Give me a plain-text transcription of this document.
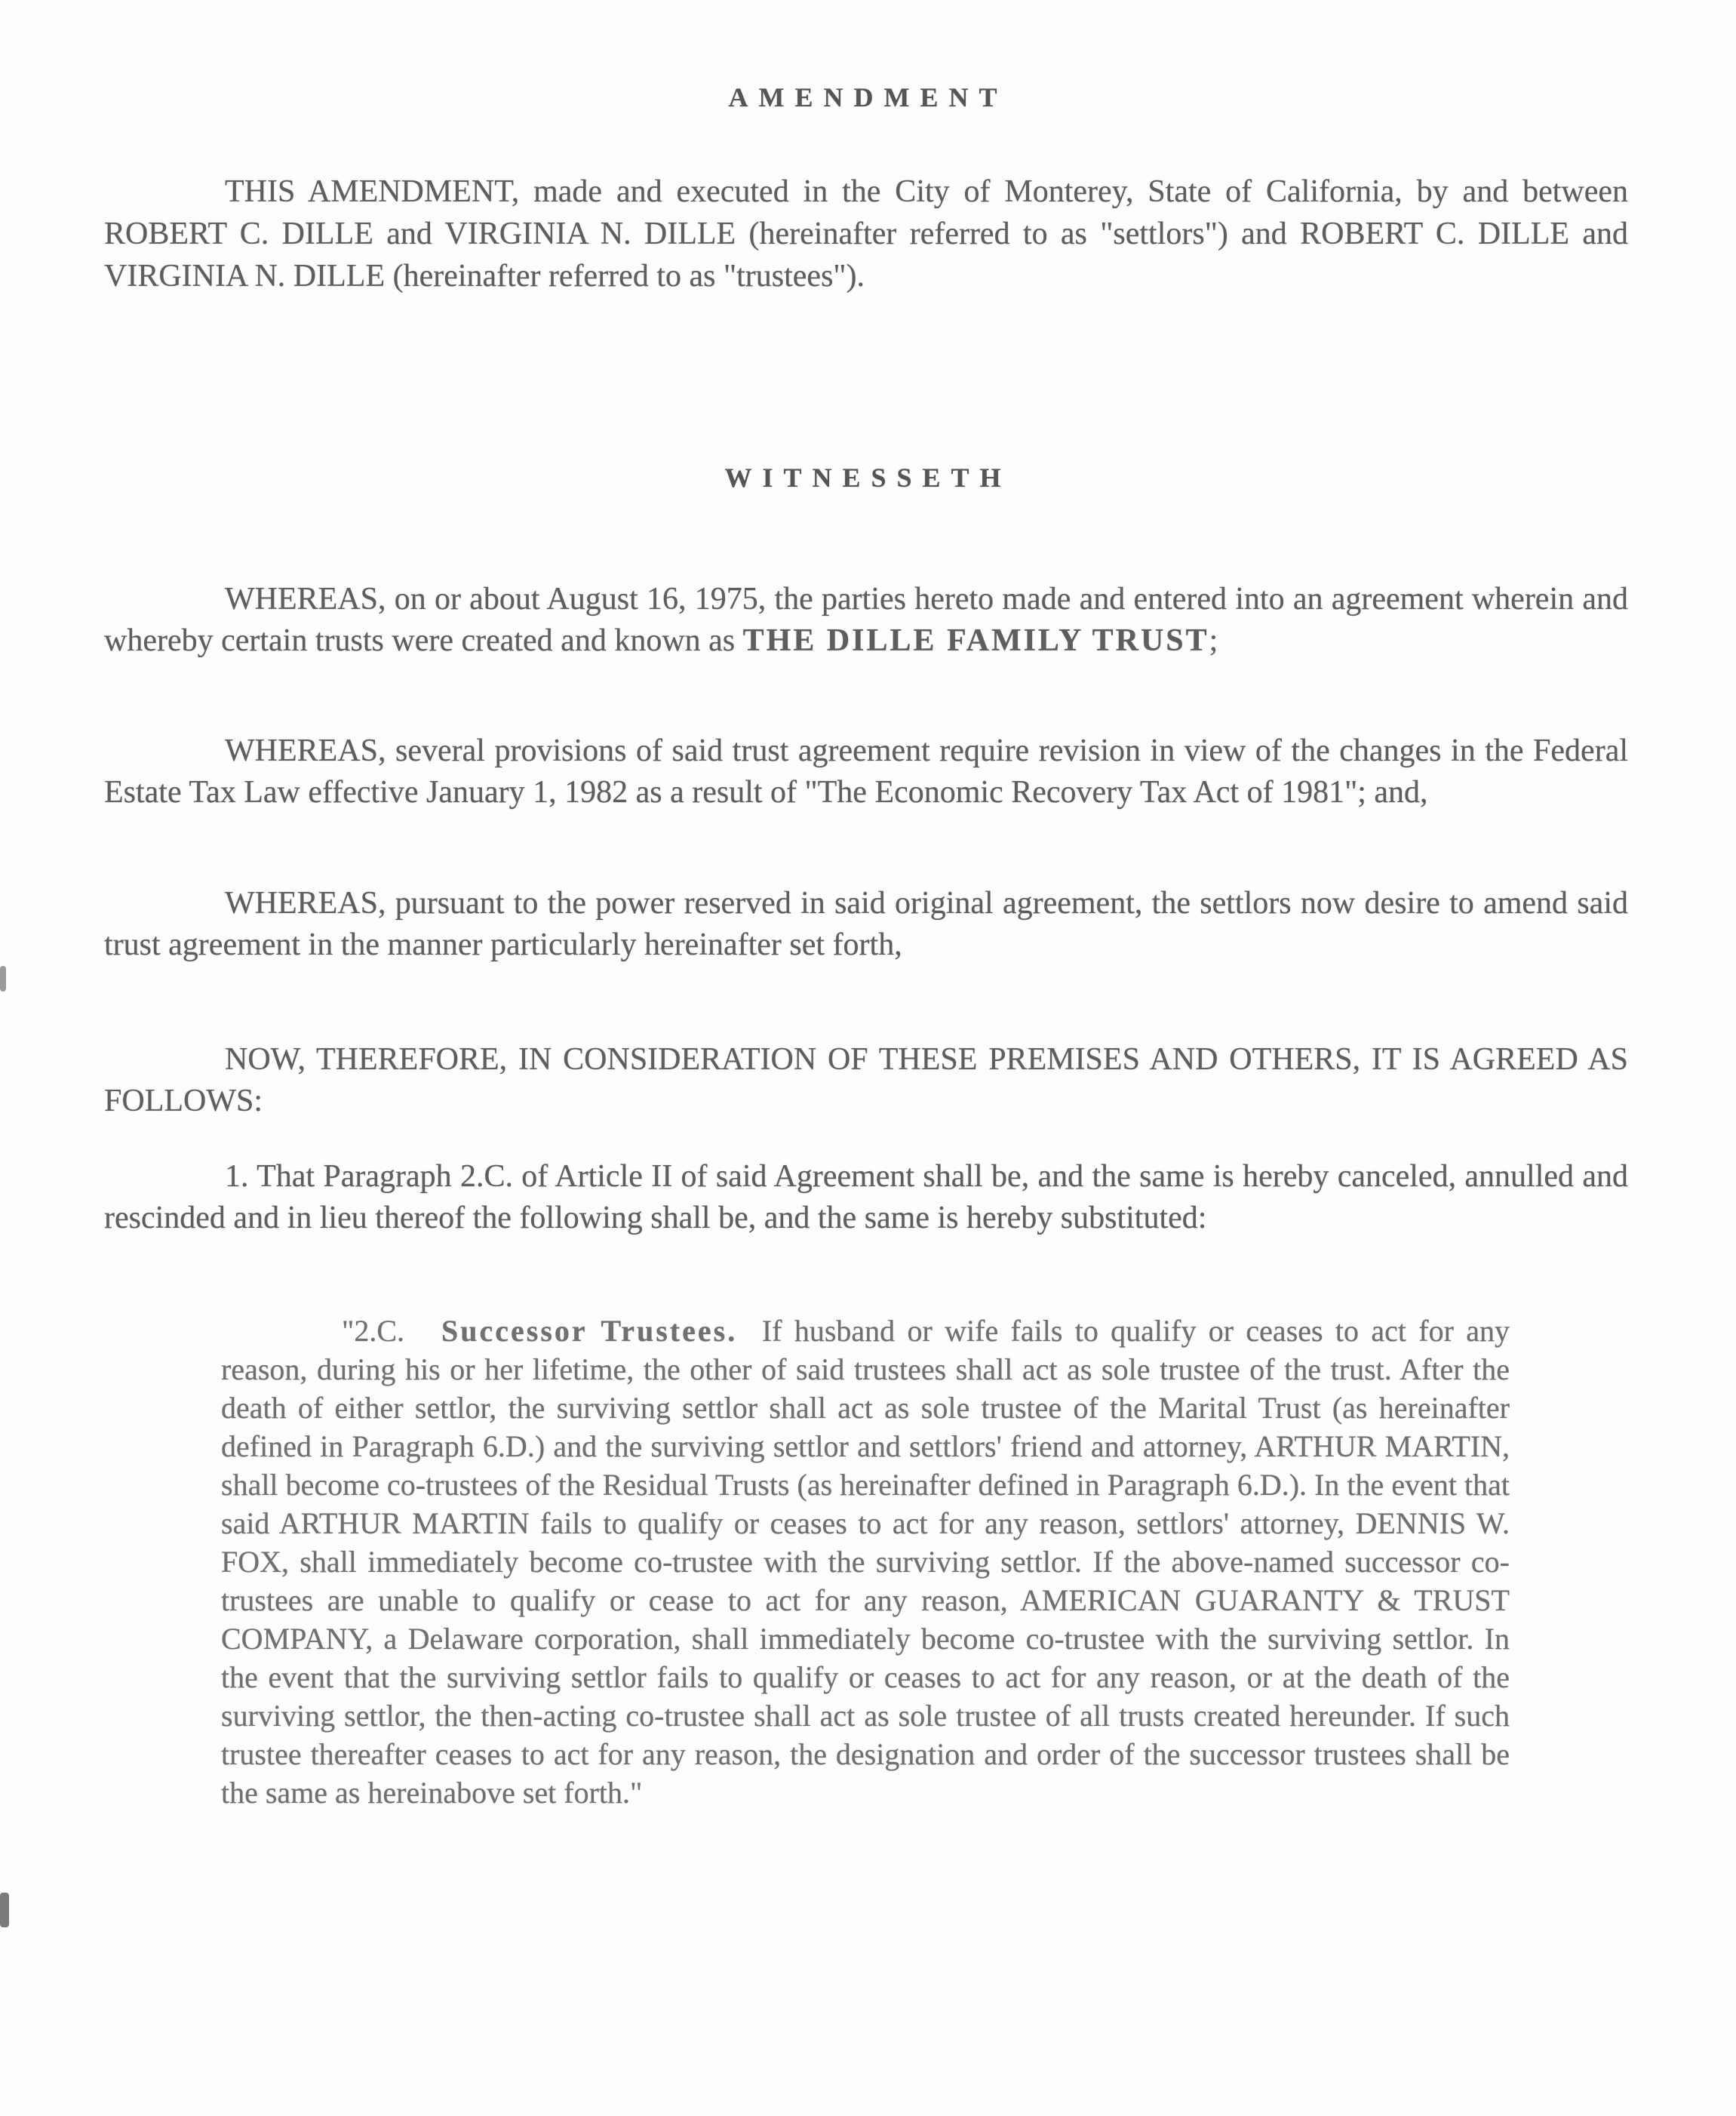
AMENDMENT

THIS AMENDMENT, made and executed in the City of Monterey, State of California, by and between ROBERT C. DILLE and VIRGINIA N. DILLE (hereinafter referred to as "settlors") and ROBERT C. DILLE and VIRGINIA N. DILLE (hereinafter referred to as "trustees").

WITNESSETH

WHEREAS, on or about August 16, 1975, the parties hereto made and entered into an agreement wherein and whereby certain trusts were created and known as THE DILLE FAMILY TRUST;

WHEREAS, several provisions of said trust agreement require revision in view of the changes in the Federal Estate Tax Law effective January 1, 1982 as a result of "The Economic Recovery Tax Act of 1981"; and,

WHEREAS, pursuant to the power reserved in said original agreement, the settlors now desire to amend said trust agreement in the manner particularly hereinafter set forth,

NOW, THEREFORE, IN CONSIDERATION OF THESE PREMISES AND OTHERS, IT IS AGREED AS FOLLOWS:

1. That Paragraph 2.C. of Article II of said Agreement shall be, and the same is hereby canceled, annulled and rescinded and in lieu thereof the following shall be, and the same is hereby substituted:

"2.C. Successor Trustees. If husband or wife fails to qualify or ceases to act for any reason, during his or her lifetime, the other of said trustees shall act as sole trustee of the trust. After the death of either settlor, the surviving settlor shall act as sole trustee of the Marital Trust (as hereinafter defined in Paragraph 6.D.) and the surviving settlor and settlors' friend and attorney, ARTHUR MARTIN, shall become co-trustees of the Residual Trusts (as hereinafter defined in Paragraph 6.D.). In the event that said ARTHUR MARTIN fails to qualify or ceases to act for any reason, settlors' attorney, DENNIS W. FOX, shall immediately become co-trustee with the surviving settlor. If the above-named successor co-trustees are unable to qualify or cease to act for any reason, AMERICAN GUARANTY & TRUST COMPANY, a Delaware corporation, shall immediately become co-trustee with the surviving settlor. In the event that the surviving settlor fails to qualify or ceases to act for any reason, or at the death of the surviving settlor, the then-acting co-trustee shall act as sole trustee of all trusts created hereunder. If such trustee thereafter ceases to act for any reason, the designation and order of the successor trustees shall be the same as hereinabove set forth."
